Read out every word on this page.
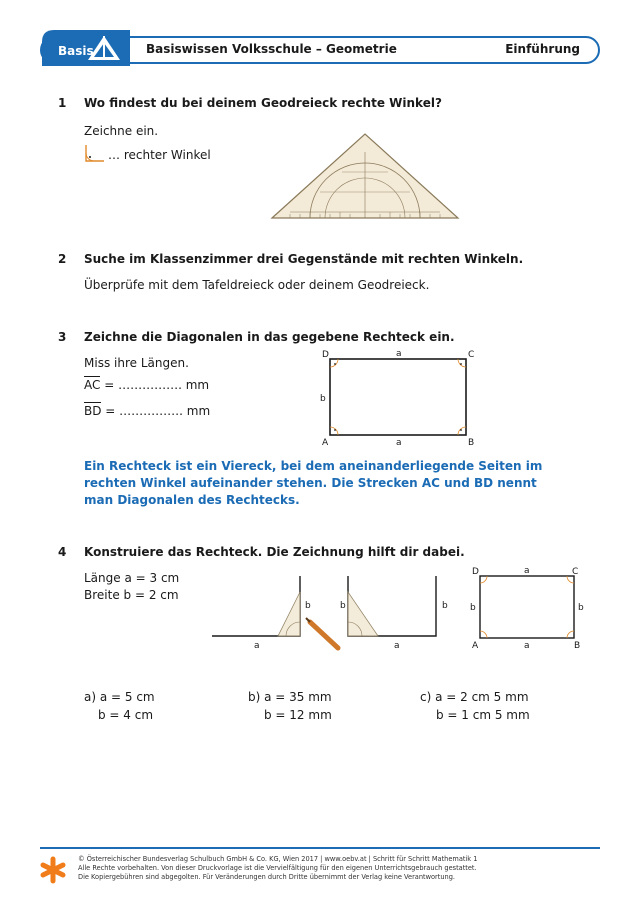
Basis	Basiswissen Volksschule – Geometrie	Einführung
1 Wo findest du bei deinem Geodreieck rechte Winkel?
Zeichne ein.
… rechter Winkel
2 Suche im Klassenzimmer drei Gegenstände mit rechten Winkeln.
Überprüfe mit dem Tafeldreieck oder deinem Geodreieck.
3 Zeichne die Diagonalen in das gegebene Rechteck ein.
Miss ihre Längen.
AC = ……………. mm
BD = ……………. mm
D	C
A	B
a
a
b
Ein Rechteck ist ein Viereck, bei dem aneinanderliegende Seiten im rechten Winkel aufeinander stehen. Die Strecken AC und BD nennt man Diagonalen des Rechtecks.
4 Konstruiere das Rechteck. Die Zeichnung hilft dir dabei.
Länge a = 3 cm
Breite b = 2 cm
a
b	b
a
b
D	C
A	B
a
a
b	b
a) a = 5 cm
b = 4 cm
b) a = 35 mm
b = 12 mm
c) a = 2 cm 5 mm
b = 1 cm 5 mm
© Österreichischer Bundesverlag Schulbuch GmbH & Co. KG, Wien 2017 | www.oebv.at | Schritt für Schritt Mathematik 1
Alle Rechte vorbehalten. Von dieser Druckvorlage ist die Vervielfältigung für den eigenen Unterrichtsgebrauch gestattet.
Die Kopiergebühren sind abgegolten. Für Veränderungen durch Dritte übernimmt der Verlag keine Verantwortung.
